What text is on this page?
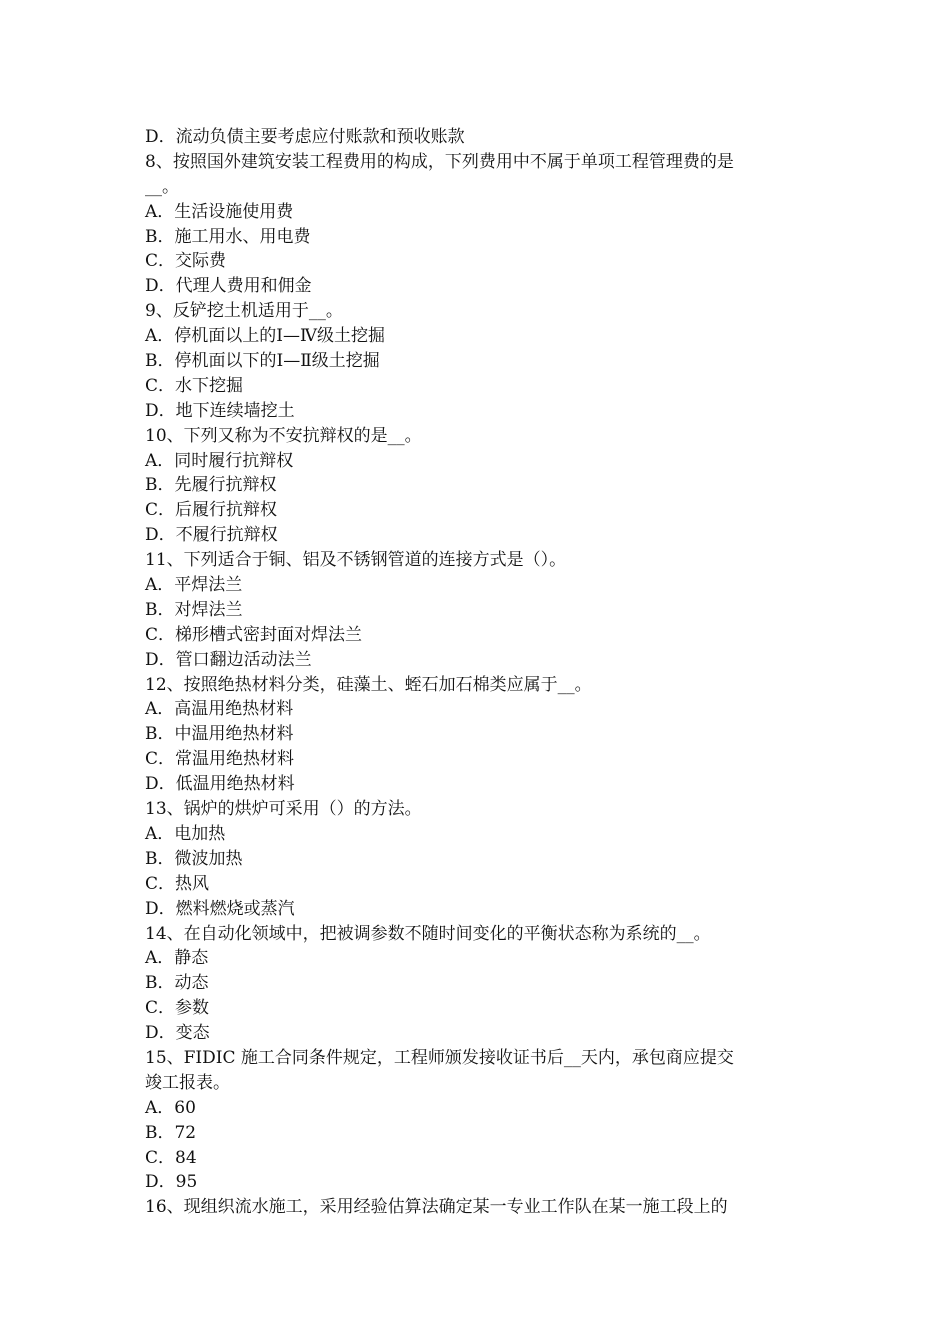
D．流动负债主要考虑应付账款和预收账款
8、按照国外建筑安装工程费用的构成，下列费用中不属于单项工程管理费的是
__。
A．生活设施使用费
B．施工用水、用电费
C．交际费
D．代理人费用和佣金
9、反铲挖土机适用于__。
A．停机面以上的Ⅰ—Ⅳ级土挖掘
B．停机面以下的Ⅰ—Ⅱ级土挖掘
C．水下挖掘
D．地下连续墙挖土
10、下列又称为不安抗辩权的是__。
A．同时履行抗辩权
B．先履行抗辩权
C．后履行抗辩权
D．不履行抗辩权
11、下列适合于铜、铝及不锈钢管道的连接方式是（）。
A．平焊法兰
B．对焊法兰
C．梯形槽式密封面对焊法兰
D．管口翻边活动法兰
12、按照绝热材料分类，硅藻土、蛭石加石棉类应属于__。
A．高温用绝热材料
B．中温用绝热材料
C．常温用绝热材料
D．低温用绝热材料
13、锅炉的烘炉可采用（）的方法。
A．电加热
B．微波加热
C．热风
D．燃料燃烧或蒸汽
14、在自动化领域中，把被调参数不随时间变化的平衡状态称为系统的__。
A．静态
B．动态
C．参数
D．变态
15、FIDIC 施工合同条件规定，工程师颁发接收证书后__天内，承包商应提交
竣工报表。
A．60
B．72
C．84
D．95
16、现组织流水施工，采用经验估算法确定某一专业工作队在某一施工段上的
